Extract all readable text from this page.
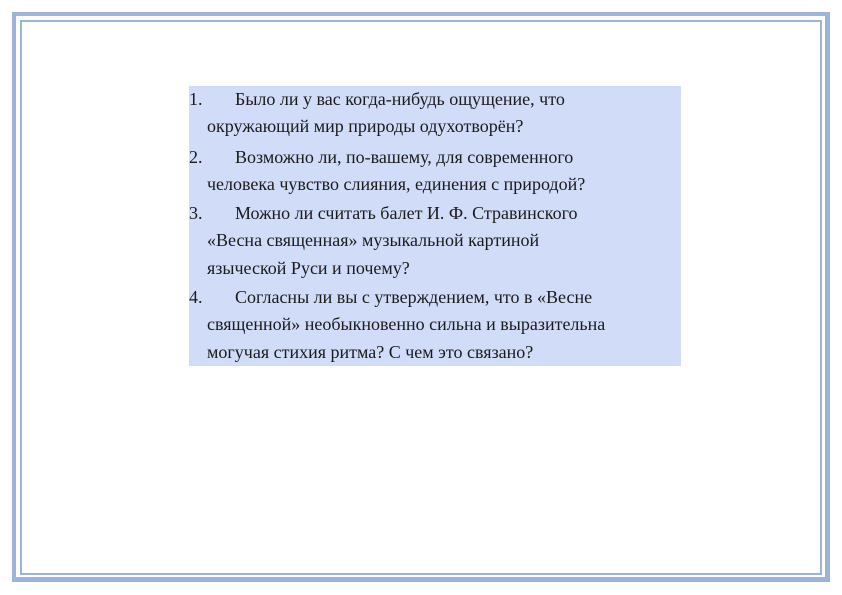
1. Было ли у вас когда-нибудь ощущение, что
окружающий мир природы одухотворён?
2. Возможно ли, по-вашему, для современного
человека чувство слияния, единения с природой?
3. Можно ли считать балет И. Ф. Стравинского
«Весна священная» музыкальной картиной
языческой Руси и почему?
4. Согласны ли вы с утверждением, что в «Весне
священной» необыкновенно сильна и выразительна
могучая стихия ритма? С чем это связано?
